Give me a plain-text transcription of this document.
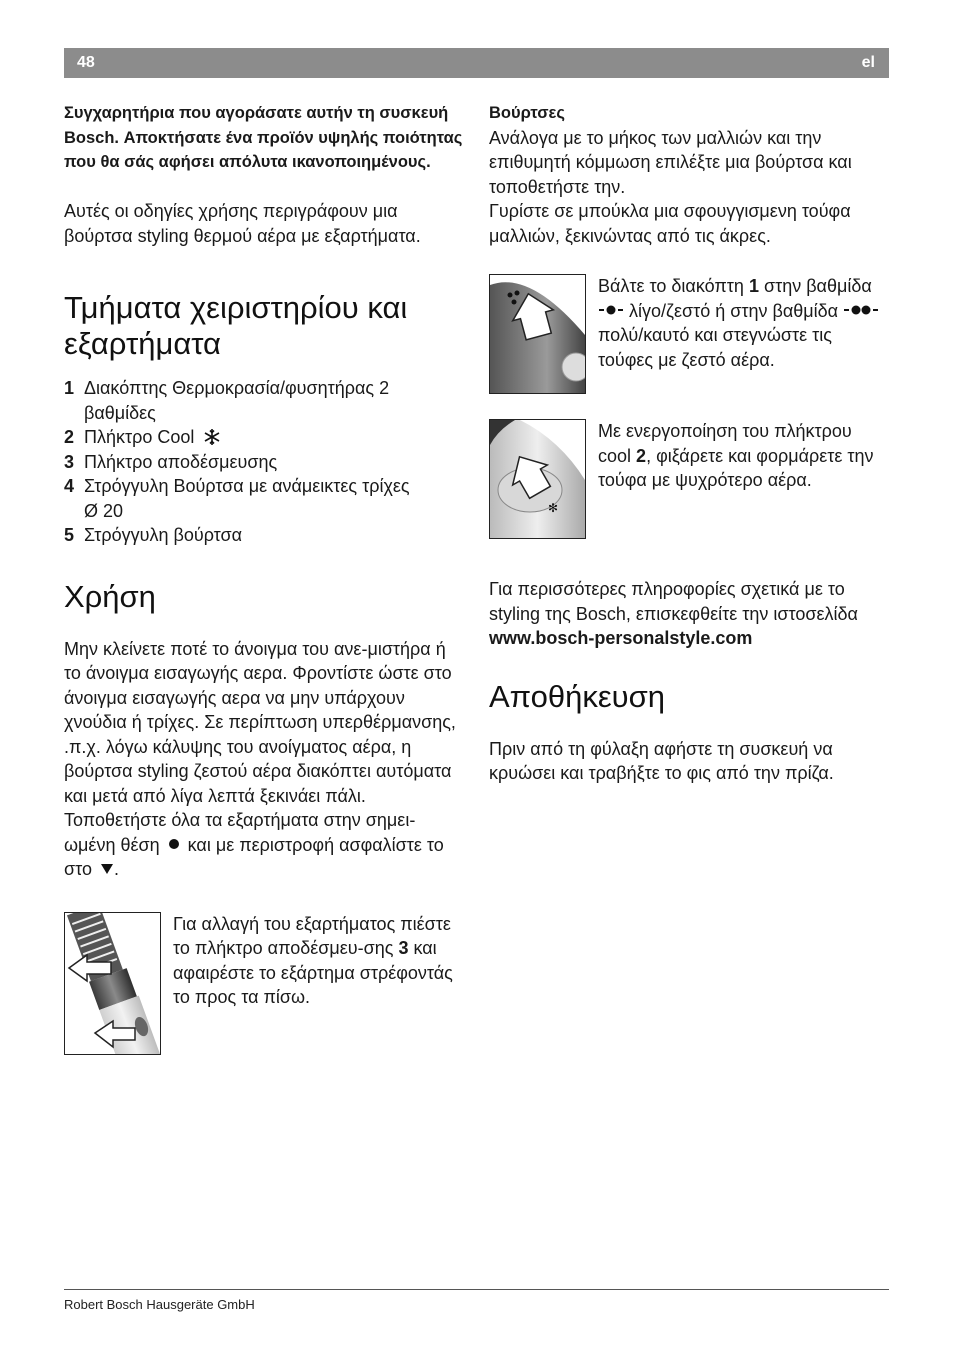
48	el

Συγχαρητήρια που αγοράσατε αυτήν τη συσκευή Bosch. Αποκτήσατε ένα προϊόν υψηλής ποιότητας που θα σάς αφήσει απόλυτα ικανοποιημένους.

Αυτές οι οδηγίες χρήσης περιγράφουν μια βούρτσα styling θερμού αέρα με εξαρτήματα.

Τμήματα χειριστηρίου και εξαρτήματα
1 Διακόπτης Θερμοκρασία/φυσητήρας 2 βαθμίδες
2 Πλήκτρο Cool
3 Πλήκτρο αποδέσμευσης
4 Στρόγγυλη Βούρτσα με ανάμεικτες τρίχες Ø 20
5 Στρόγγυλη βούρτσα
Χρήση

Μην κλείνετε ποτέ το άνοιγμα του ανε-μιστήρα ή το άνοιγμα εισαγωγής αερα. Φροντίστε ώστε στο άνοιγμα εισαγωγής αερα να μην υπάρχουν χνούδια ή τρίχες. Σε περίπτωση υπερθέρμανσης, .π.χ. λόγω κάλυψης του ανοίγματος αέρα, η βούρτσα styling ζεστού αέρα διακόπτει αυτόματα και μετά από λίγα λεπτά ξεκινάει πάλι. Τοποθετήστε όλα τα εξαρτήματα στην σημει-ωμένη θέση και με περιστροφή ασφαλίστε το στο .

Για αλλαγή του εξαρτήματος πιέστε το πλήκτρο αποδέσμευ-σης 3 και αφαιρέστε το εξάρτημα στρέφοντάς το προς τα πίσω.

Βούρτσες

Ανάλογα με το μήκος των μαλλιών και την επιθυμητή κόμμωση επιλέξτε μια βούρτσα και τοποθετήστε την.

Γυρίστε σε μπούκλα μια σφουγγισμενη τούφα μαλλιών, ξεκινώντας από τις άκρες.

Βάλτε το διακόπτη 1 στην βαθμίδα  λίγο/ζεστό ή στην βαθμίδα  πολύ/καυτό και στεγνώστε τις τούφες με ζεστό αέρα.

✻

Με ενεργοποίηση του πλήκτρου cool 2, φιξάρετε και φορμάρετε την τούφα με ψυχρότερο αέρα.

Για περισσότερες πληροφορίες σχετικά με το styling της Bosch, επισκεφθείτε την ιστοσελίδα

www.bosch-personalstyle.com

Αποθήκευση

Πριν από τη φύλαξη αφήστε τη συσκευή να κρυώσει και τραβήξτε το φις από την πρίζα.

Robert Bosch Hausgeräte GmbH
